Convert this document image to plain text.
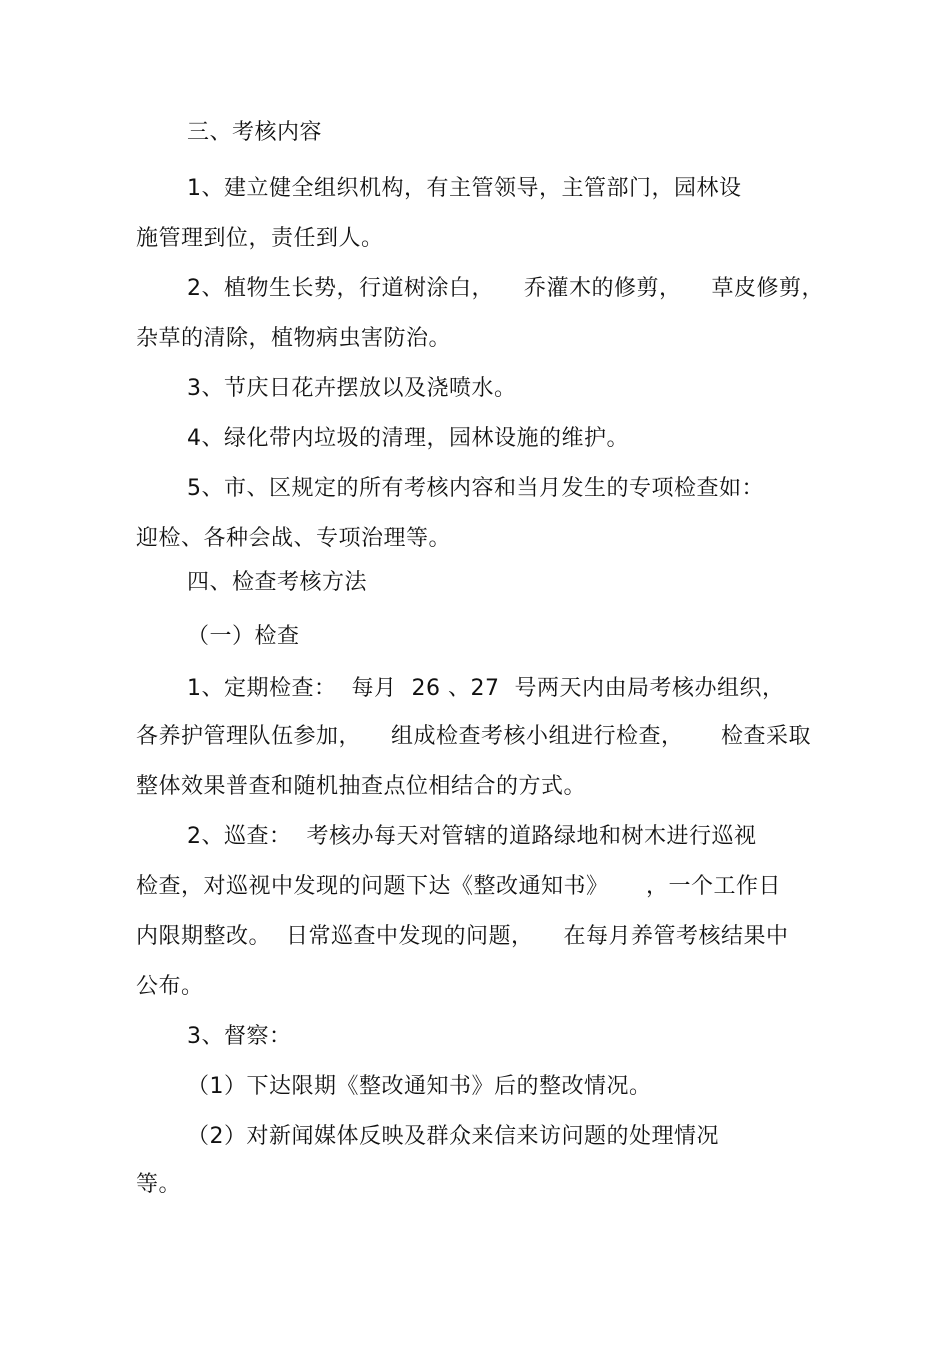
三、考核内容
1、建立健全组织机构，有主管领导，主管部门，园林设
施管理到位，责任到人。
2、植物生长势，行道树涂白，    乔灌木的修剪，    草皮修剪，
杂草的清除，植物病虫害防治。
3、节庆日花卉摆放以及浇喷水。
4、绿化带内垃圾的清理，园林设施的维护。
5、市、区规定的所有考核内容和当月发生的专项检查如：
迎检、各种会战、专项治理等。
四、检查考核方法
（一）检查
1、定期检查：  每月  26 、27  号两天内由局考核办组织，
各养护管理队伍参加，    组成检查考核小组进行检查，     检查采取
整体效果普查和随机抽查点位相结合的方式。
2、巡查：  考核办每天对管辖的道路绿地和树木进行巡视
检查，对巡视中发现的问题下达《整改通知书》     ，一个工作日
内限期整改。  日常巡查中发现的问题，    在每月养管考核结果中
公布。
3、督察：
（1）下达限期《整改通知书》后的整改情况。
（2）对新闻媒体反映及群众来信来访问题的处理情况
等。
